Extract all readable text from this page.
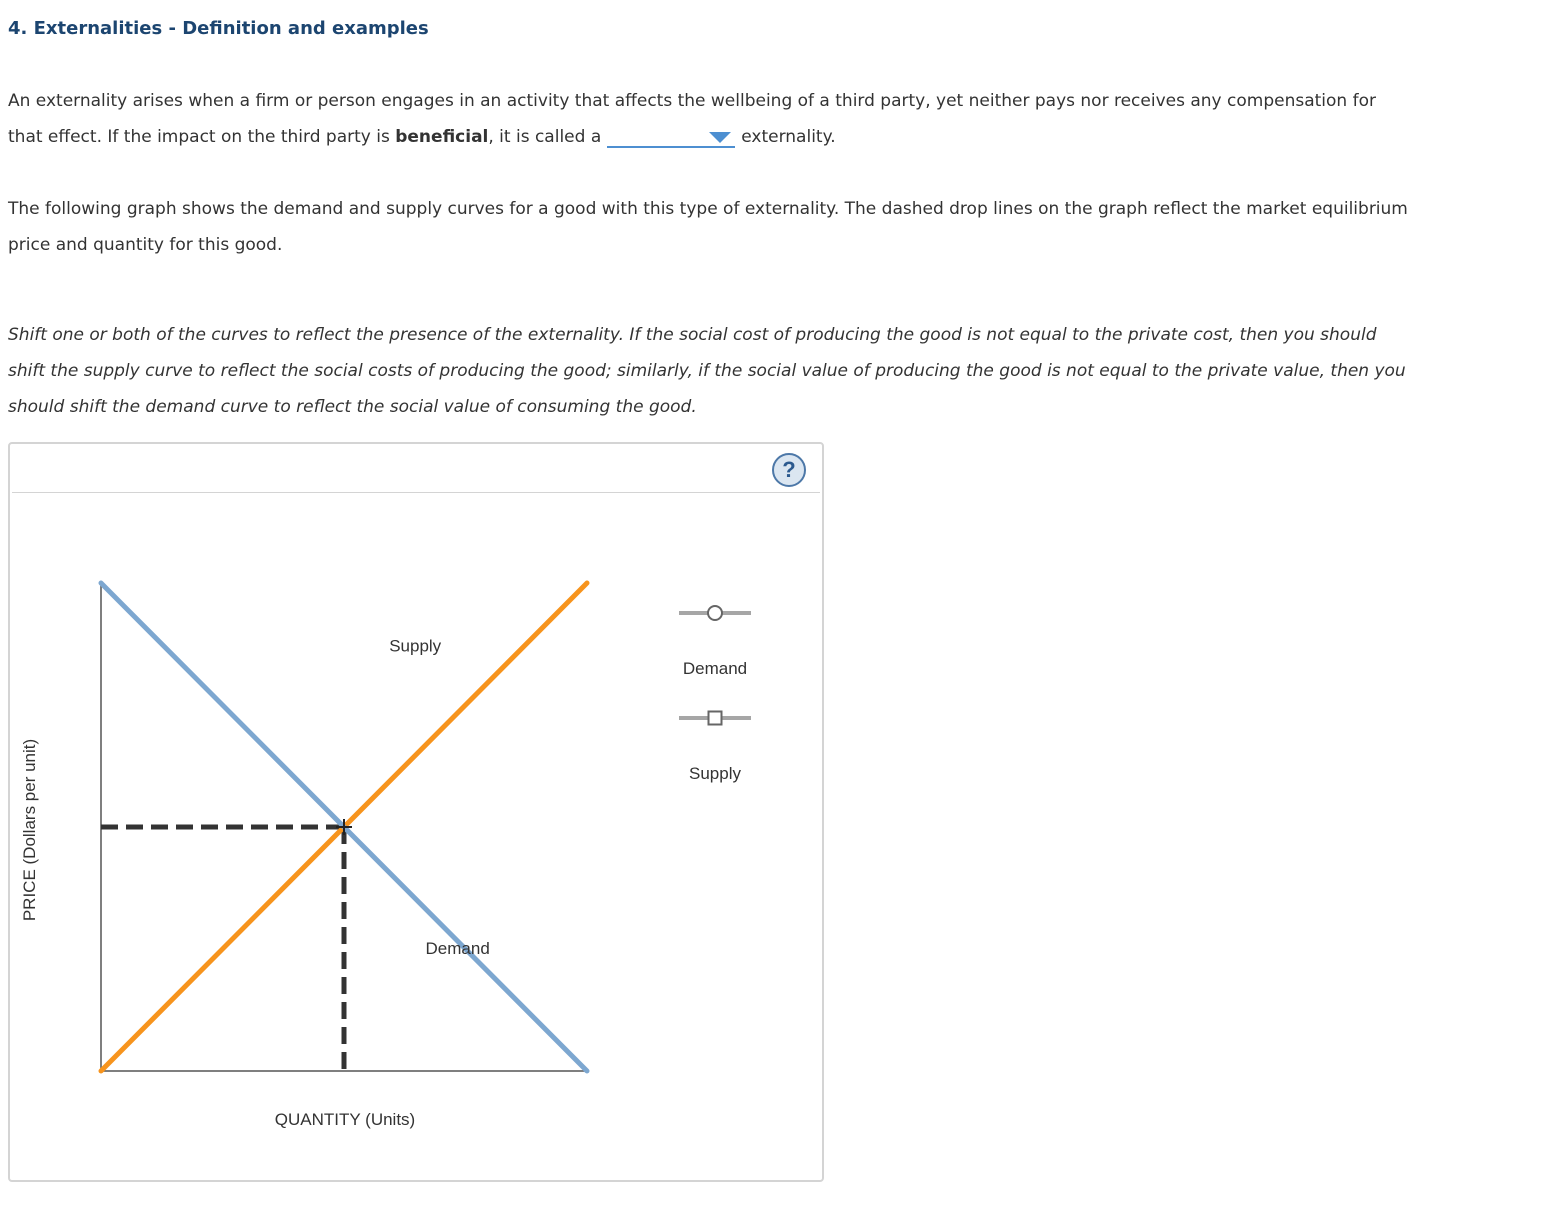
4. Externalities - Definition and examples

An externality arises when a firm or person engages in an activity that affects the wellbeing of a third party, yet neither pays nor receives any compensation for that effect. If the impact on the third party is beneficial, it is called a	externality.

The following graph shows the demand and supply curves for a good with this type of externality. The dashed drop lines on the graph reflect the market equilibrium price and quantity for this good.

Shift one or both of the curves to reflect the presence of the externality. If the social cost of producing the good is not equal to the private cost, then you should shift the supply curve to reflect the social costs of producing the good; similarly, if the social value of producing the good is not equal to the private value, then you should shift the demand curve to reflect the social value of consuming the good.

?
PRICE (Dollars per unit)
QUANTITY (Units)
Supply
Demand
Demand
Supply
